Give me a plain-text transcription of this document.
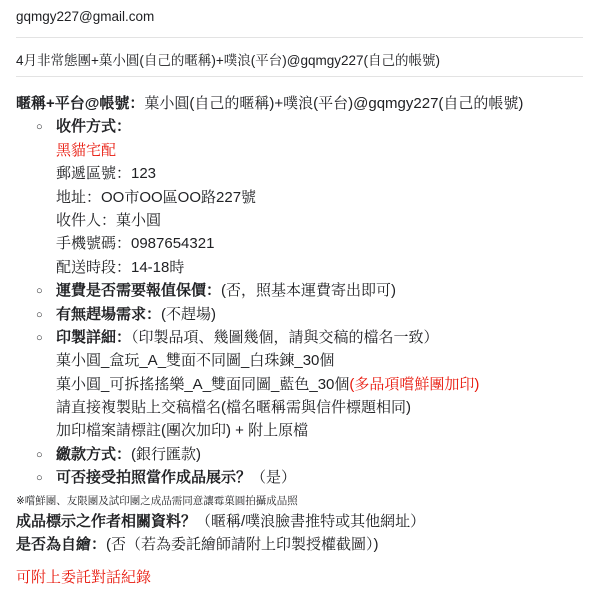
gqmgy227@gmail.com
4月非常態團+菓小圓(自己的暱稱)+噗浪(平台)@gqmgy227(自己的帳號)
暱稱+平台@帳號：菓小圓(自己的暱稱)+噗浪(平台)@gqmgy227(自己的帳號)
○ 收件方式：
黑貓宅配
郵遞區號：123
地址：OO市OO區OO路227號
收件人：菓小圓
手機號碼：0987654321
配送時段：14-18時
○ 運費是否需要報值保價：(否，照基本運費寄出即可)
○ 有無趕場需求：(不趕場)
○ 印製詳細：（印製品項、幾圖幾個，請與交稿的檔名一致）
菓小圓_盒玩_A_雙面不同圖_白珠鍊_30個
菓小圓_可拆搖搖樂_A_雙面同圖_藍色_30個(多品項嚐鮮團加印)
請直接複製貼上交稿檔名(檔名暱稱需與信件標題相同)
加印檔案請標註(團次加印) + 附上原檔
○ 繳款方式：(銀行匯款)
○ 可否接受拍照當作成品展示？（是）
※嚐鮮團、友限團及試印團之成品需同意讓霉菓圓拍攝成品照
成品標示之作者相關資料？（暱稱/噗浪臉書推特或其他網址）
是否為自繪：(否（若為委託繪師請附上印製授權截圖）)
可附上委託對話紀錄
